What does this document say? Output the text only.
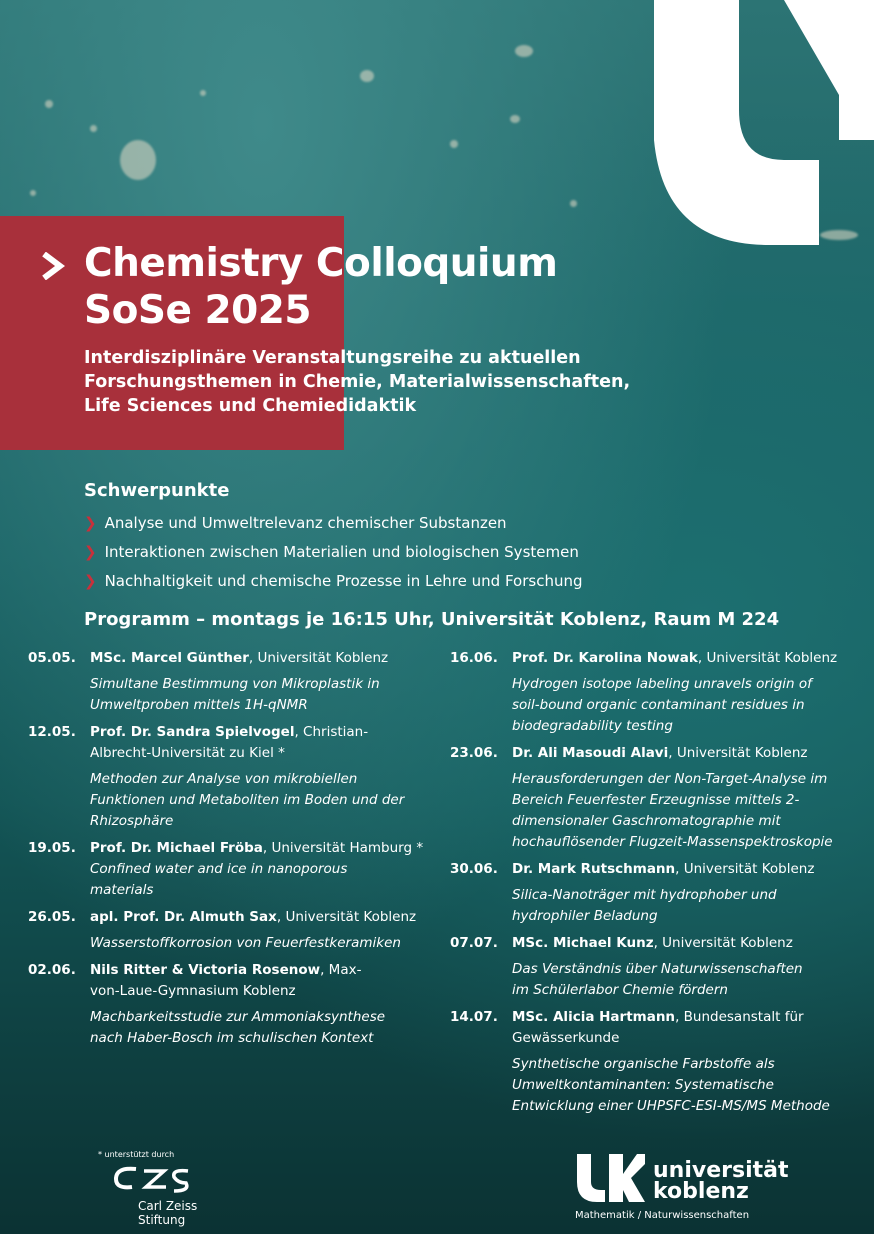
Chemistry Colloquium
SoSe 2025

Interdisziplinäre Veranstaltungsreihe zu aktuellen
Forschungsthemen in Chemie, Materialwissenschaften,
Life Sciences und Chemiedidaktik

Schwerpunkte
❯ Analyse und Umweltrelevanz chemischer Substanzen
❯ Interaktionen zwischen Materialien und biologischen Systemen
❯ Nachhaltigkeit und chemische Prozesse in Lehre und Forschung
Programm – montags je 16:15 Uhr, Universität Koblenz, Raum M 224
05.05.	MSc. Marcel Günther, Universität Koblenz
Simultane Bestimmung von Mikroplastik in Umweltproben mittels 1H-qNMR
12.05.	Prof. Dr. Sandra Spielvogel, Christian-Albrecht-Universität zu Kiel *
Methoden zur Analyse von mikrobiellen Funktionen und Metaboliten im Boden und der Rhizosphäre
19.05.	Prof. Dr. Michael Fröba, Universität Hamburg *
Confined water and ice in nanoporous materials
26.05.	apl. Prof. Dr. Almuth Sax, Universität Koblenz
Wasserstoffkorrosion von Feuerfestkeramiken
02.06.	Nils Ritter & Victoria Rosenow, Max-von-Laue-Gymnasium Koblenz
Machbarkeitsstudie zur Ammoniaksynthese nach Haber-Bosch im schulischen Kontext
16.06.	Prof. Dr. Karolina Nowak, Universität Koblenz
Hydrogen isotope labeling unravels origin of soil-bound organic contaminant residues in biodegradability testing
23.06.	Dr. Ali Masoudi Alavi, Universität Koblenz
Herausforderungen der Non-Target-Analyse im Bereich Feuerfester Erzeugnisse mittels 2-dimensionaler Gaschromatographie mit hochauflösender Flugzeit-Massenspektroskopie
30.06.	Dr. Mark Rutschmann, Universität Koblenz
Silica-Nanoträger mit hydrophober und hydrophiler Beladung
07.07.	MSc. Michael Kunz, Universität Koblenz
Das Verständnis über Naturwissenschaften im Schülerlabor Chemie fördern
14.07.	MSc. Alicia Hartmann, Bundesanstalt für Gewässerkunde
Synthetische organische Farbstoffe als Umweltkontaminanten: Systematische Entwicklung einer UHPSFC-ESI-MS/MS Methode

* unterstützt durch

Carl Zeiss
Stiftung
universität
koblenz
Mathematik / Naturwissenschaften
